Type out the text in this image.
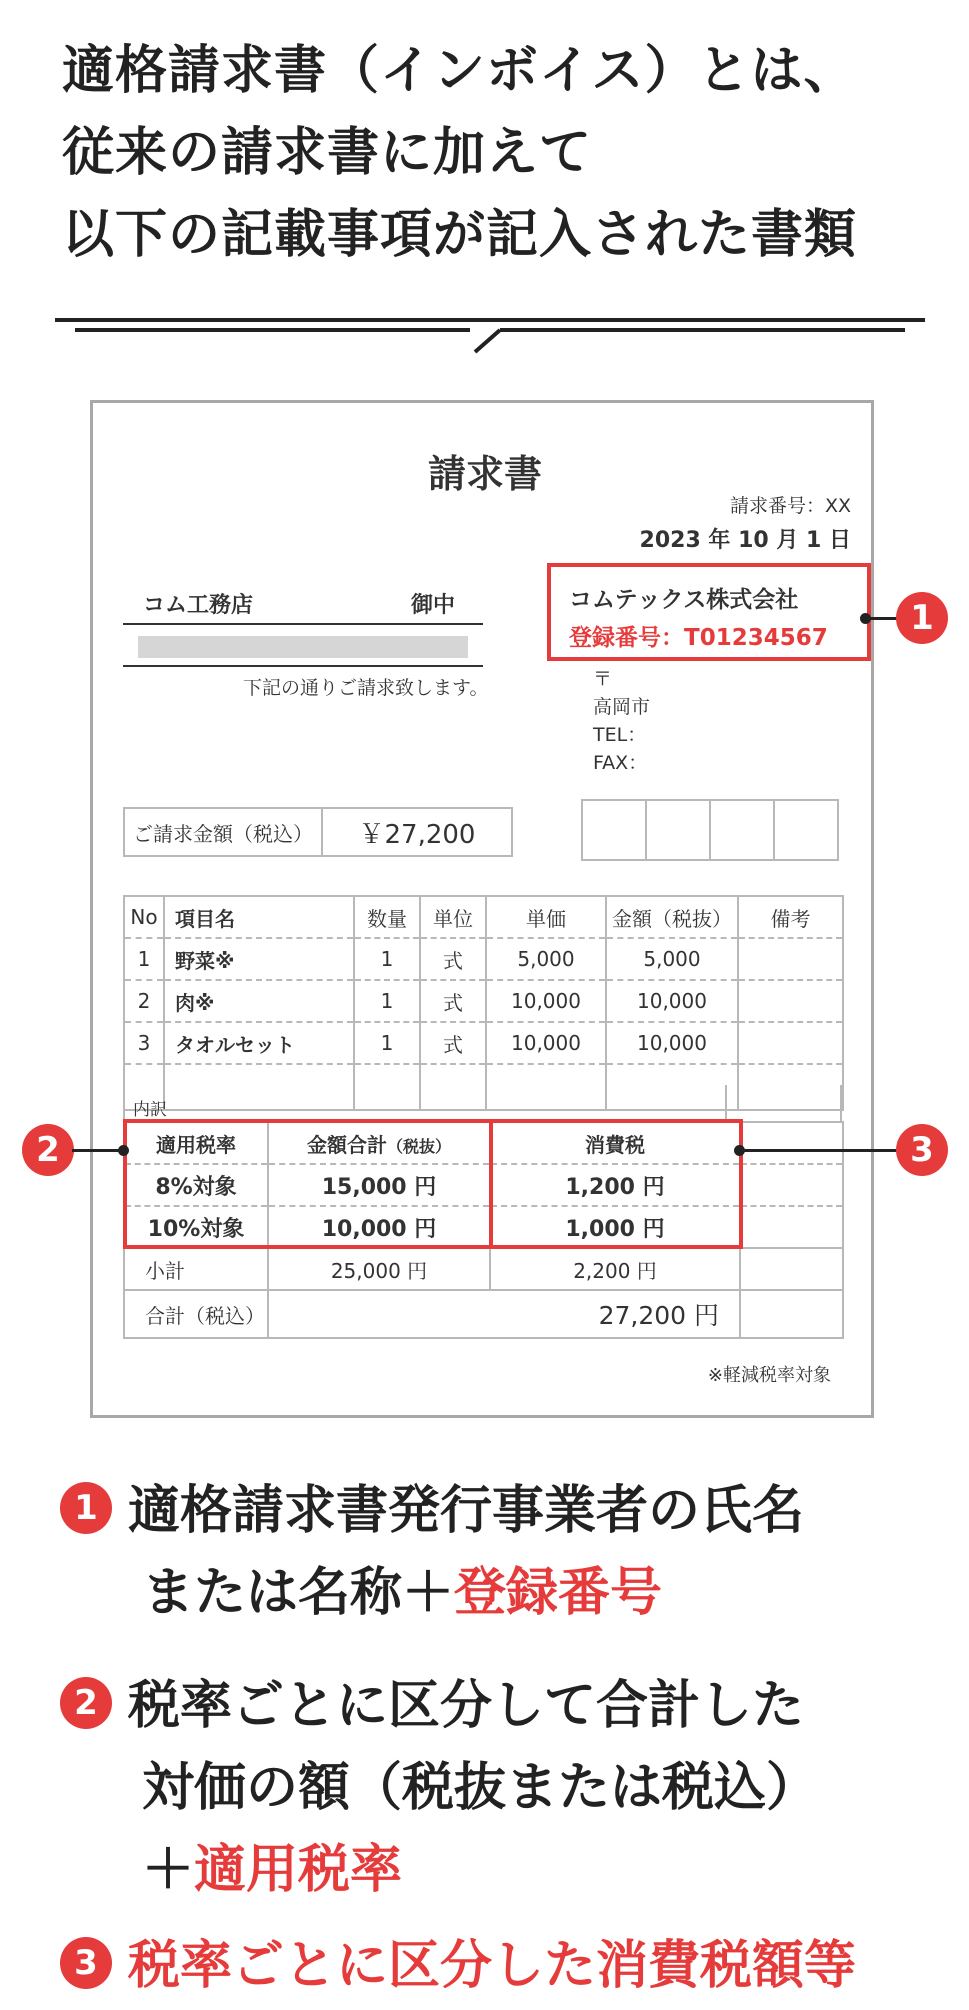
適格請求書（インボイス）とは、
従来の請求書に加えて
以下の記載事項が記入された書類
請求書
請求番号：XX
2023 年 10 月 1 日
コム工務店	御中
下記の通りご請求致します。
コムテックス株式会社
登録番号：T01234567
〒
高岡市
TEL：
FAX：
ご請求金額（税込）	￥27,200

No	項目名	数量	単位	単価	金額（税抜）	備考
1	野菜※	1	式	5,000	5,000	
2	肉※	1	式	10,000	10,000	
3	タオルセット	1	式	10,000	10,000	

内訳
適用税率	金額合計（税抜）	消費税	
8%対象	15,000 円	1,200 円	
10%対象	10,000 円	1,000 円	
小計	25,000 円	2,200 円	
合計（税込）	27,200 円		
※軽減税率対象
1
2	3
1 適格請求書発行事業者の氏名
または名称＋登録番号
2 税率ごとに区分して合計した
対価の額（税抜または税込）
＋適用税率
3 税率ごとに区分した消費税額等
